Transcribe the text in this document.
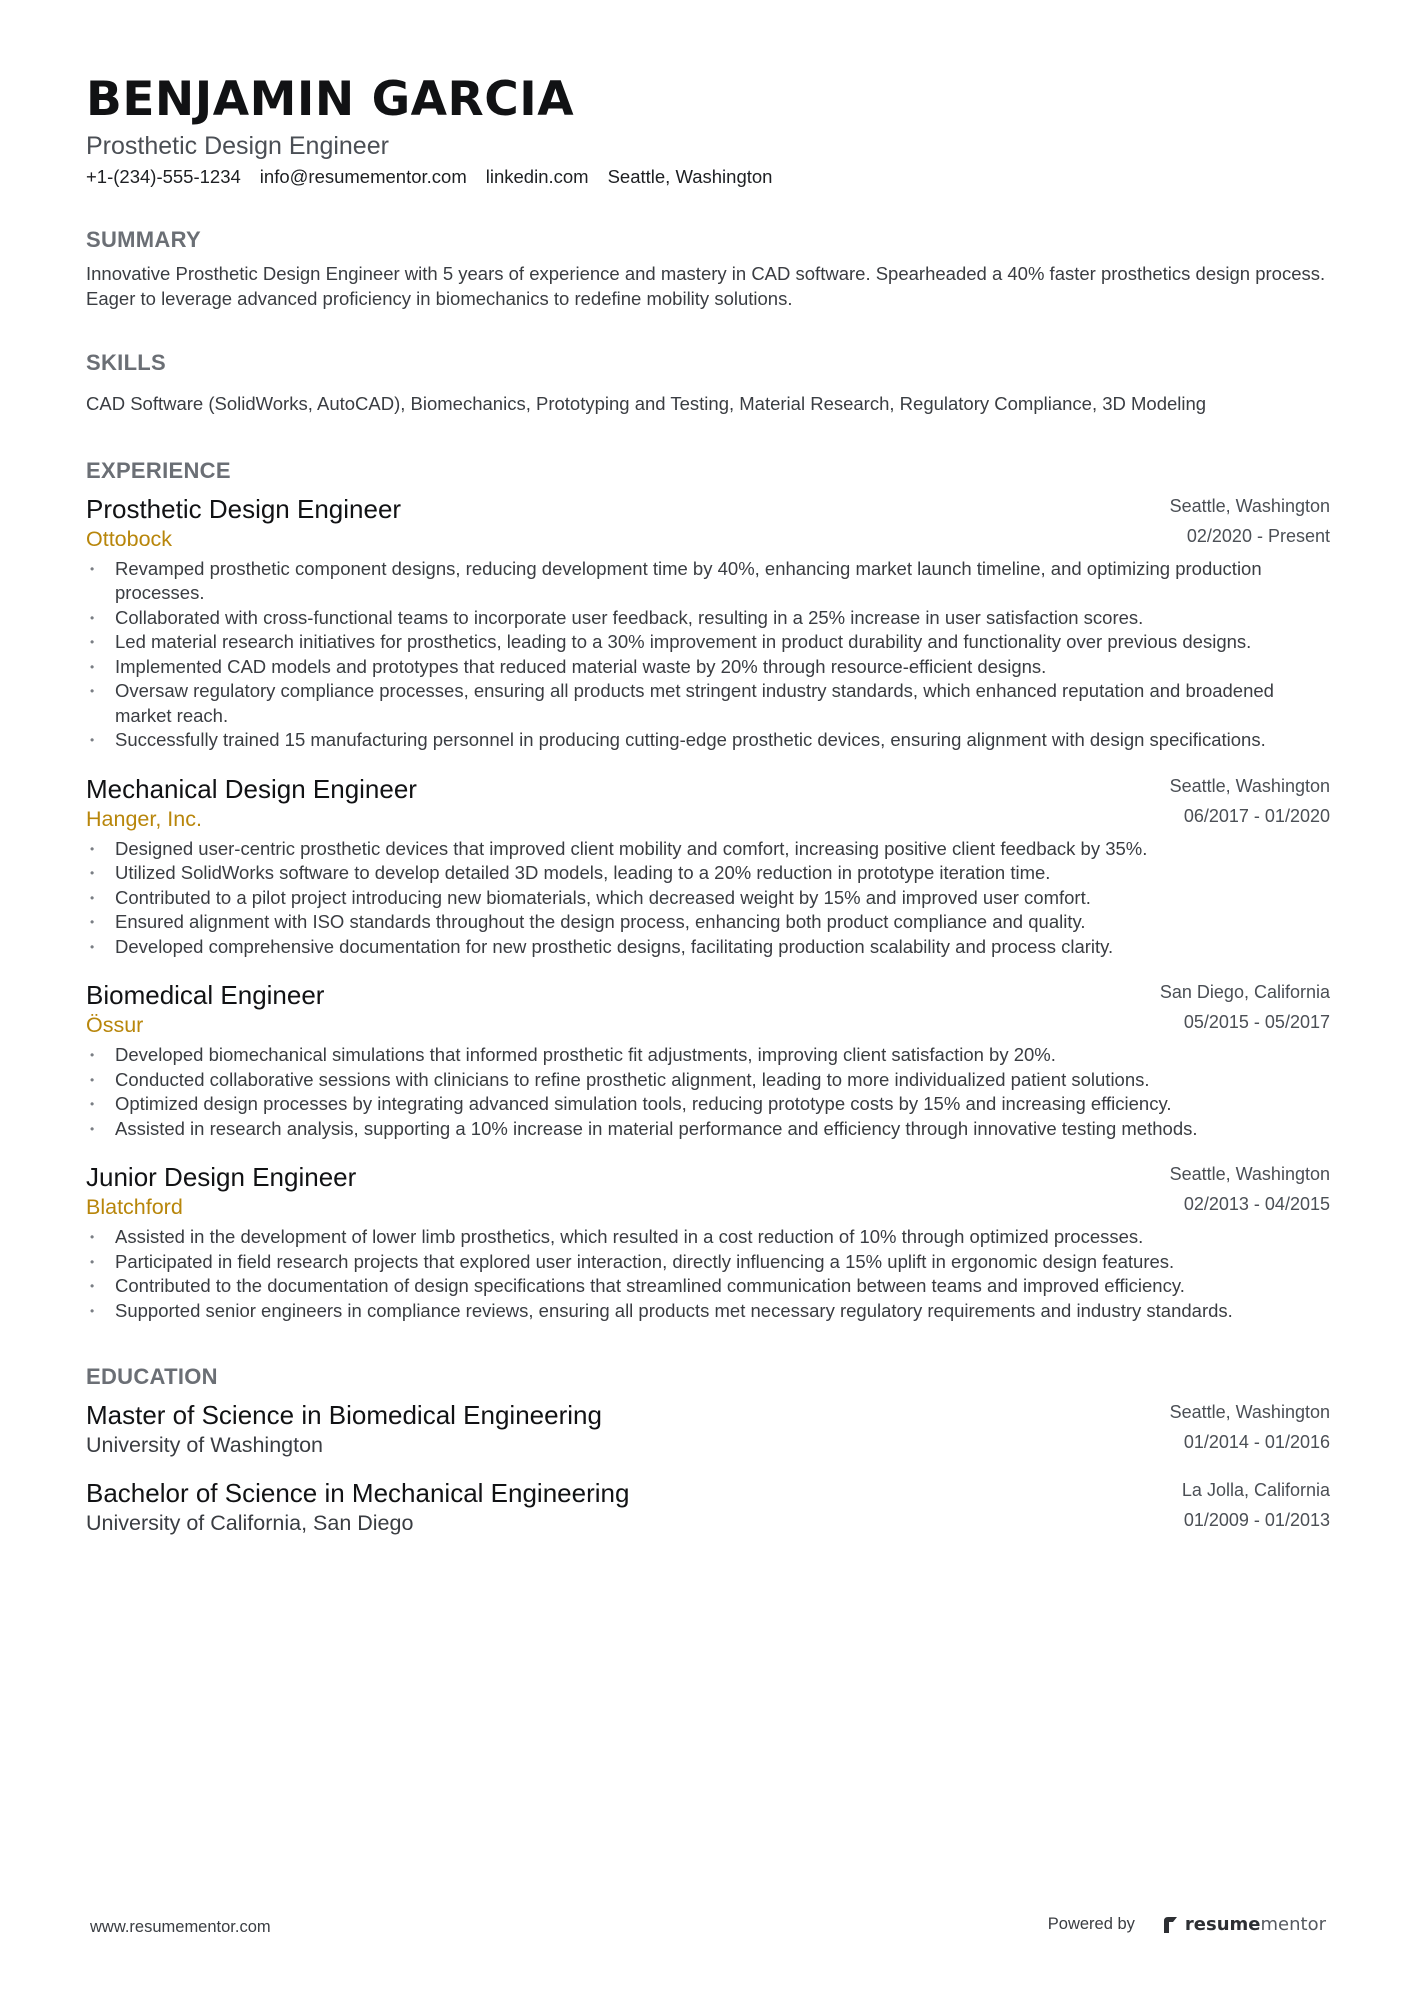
BENJAMIN GARCIA
Prosthetic Design Engineer
+1-(234)-555-1234 info@resumementor.com linkedin.com Seattle, Washington
SUMMARY
Innovative Prosthetic Design Engineer with 5 years of experience and mastery in CAD software. Spearheaded a 40% faster prosthetics design process. Eager to leverage advanced proficiency in biomechanics to redefine mobility solutions.
SKILLS
CAD Software (SolidWorks, AutoCAD), Biomechanics, Prototyping and Testing, Material Research, Regulatory Compliance, 3D Modeling
EXPERIENCE
Prosthetic Design Engineer
Ottobock
Seattle, Washington
02/2020 - Present
• Revamped prosthetic component designs, reducing development time by 40%, enhancing market launch timeline, and optimizing production processes.
• Collaborated with cross-functional teams to incorporate user feedback, resulting in a 25% increase in user satisfaction scores.
• Led material research initiatives for prosthetics, leading to a 30% improvement in product durability and functionality over previous designs.
• Implemented CAD models and prototypes that reduced material waste by 20% through resource-efficient designs.
• Oversaw regulatory compliance processes, ensuring all products met stringent industry standards, which enhanced reputation and broadened market reach.
• Successfully trained 15 manufacturing personnel in producing cutting-edge prosthetic devices, ensuring alignment with design specifications.
Mechanical Design Engineer
Hanger, Inc.
Seattle, Washington
06/2017 - 01/2020
• Designed user-centric prosthetic devices that improved client mobility and comfort, increasing positive client feedback by 35%.
• Utilized SolidWorks software to develop detailed 3D models, leading to a 20% reduction in prototype iteration time.
• Contributed to a pilot project introducing new biomaterials, which decreased weight by 15% and improved user comfort.
• Ensured alignment with ISO standards throughout the design process, enhancing both product compliance and quality.
• Developed comprehensive documentation for new prosthetic designs, facilitating production scalability and process clarity.
Biomedical Engineer
Össur
San Diego, California
05/2015 - 05/2017
• Developed biomechanical simulations that informed prosthetic fit adjustments, improving client satisfaction by 20%.
• Conducted collaborative sessions with clinicians to refine prosthetic alignment, leading to more individualized patient solutions.
• Optimized design processes by integrating advanced simulation tools, reducing prototype costs by 15% and increasing efficiency.
• Assisted in research analysis, supporting a 10% increase in material performance and efficiency through innovative testing methods.
Junior Design Engineer
Blatchford
Seattle, Washington
02/2013 - 04/2015
• Assisted in the development of lower limb prosthetics, which resulted in a cost reduction of 10% through optimized processes.
• Participated in field research projects that explored user interaction, directly influencing a 15% uplift in ergonomic design features.
• Contributed to the documentation of design specifications that streamlined communication between teams and improved efficiency.
• Supported senior engineers in compliance reviews, ensuring all products met necessary regulatory requirements and industry standards.
EDUCATION
Master of Science in Biomedical Engineering
University of Washington
Seattle, Washington
01/2014 - 01/2016
Bachelor of Science in Mechanical Engineering
University of California, San Diego
La Jolla, California
01/2009 - 01/2013
www.resumementor.com	Powered by	resumementor
